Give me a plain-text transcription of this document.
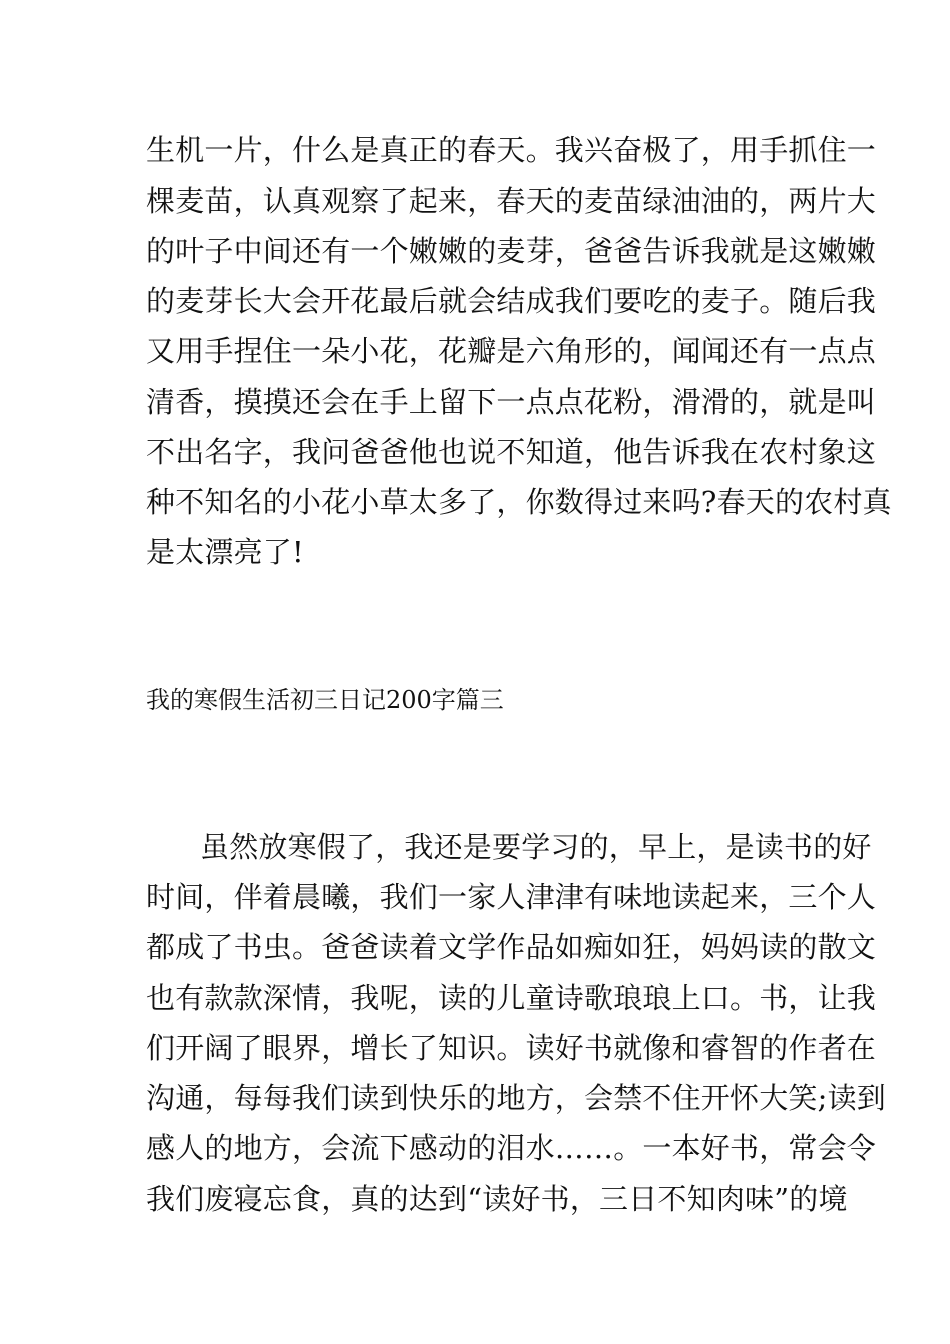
生机一片，什么是真正的春天。我兴奋极了，用手抓住一
棵麦苗，认真观察了起来，春天的麦苗绿油油的，两片大
的叶子中间还有一个嫩嫩的麦芽，爸爸告诉我就是这嫩嫩
的麦芽长大会开花最后就会结成我们要吃的麦子。随后我
又用手捏住一朵小花，花瓣是六角形的，闻闻还有一点点
清香，摸摸还会在手上留下一点点花粉，滑滑的，就是叫
不出名字，我问爸爸他也说不知道，他告诉我在农村象这
种不知名的小花小草太多了，你数得过来吗?春天的农村真
是太漂亮了!
我的寒假生活初三日记200字篇三
虽然放寒假了，我还是要学习的，早上，是读书的好
时间，伴着晨曦，我们一家人津津有味地读起来，三个人
都成了书虫。爸爸读着文学作品如痴如狂，妈妈读的散文
也有款款深情，我呢，读的儿童诗歌琅琅上口。书，让我
们开阔了眼界，增长了知识。读好书就像和睿智的作者在
沟通，每每我们读到快乐的地方，会禁不住开怀大笑;读到
感人的地方，会流下感动的泪水……。一本好书，常会令
我们废寝忘食，真的达到“读好书，三日不知肉味”的境
